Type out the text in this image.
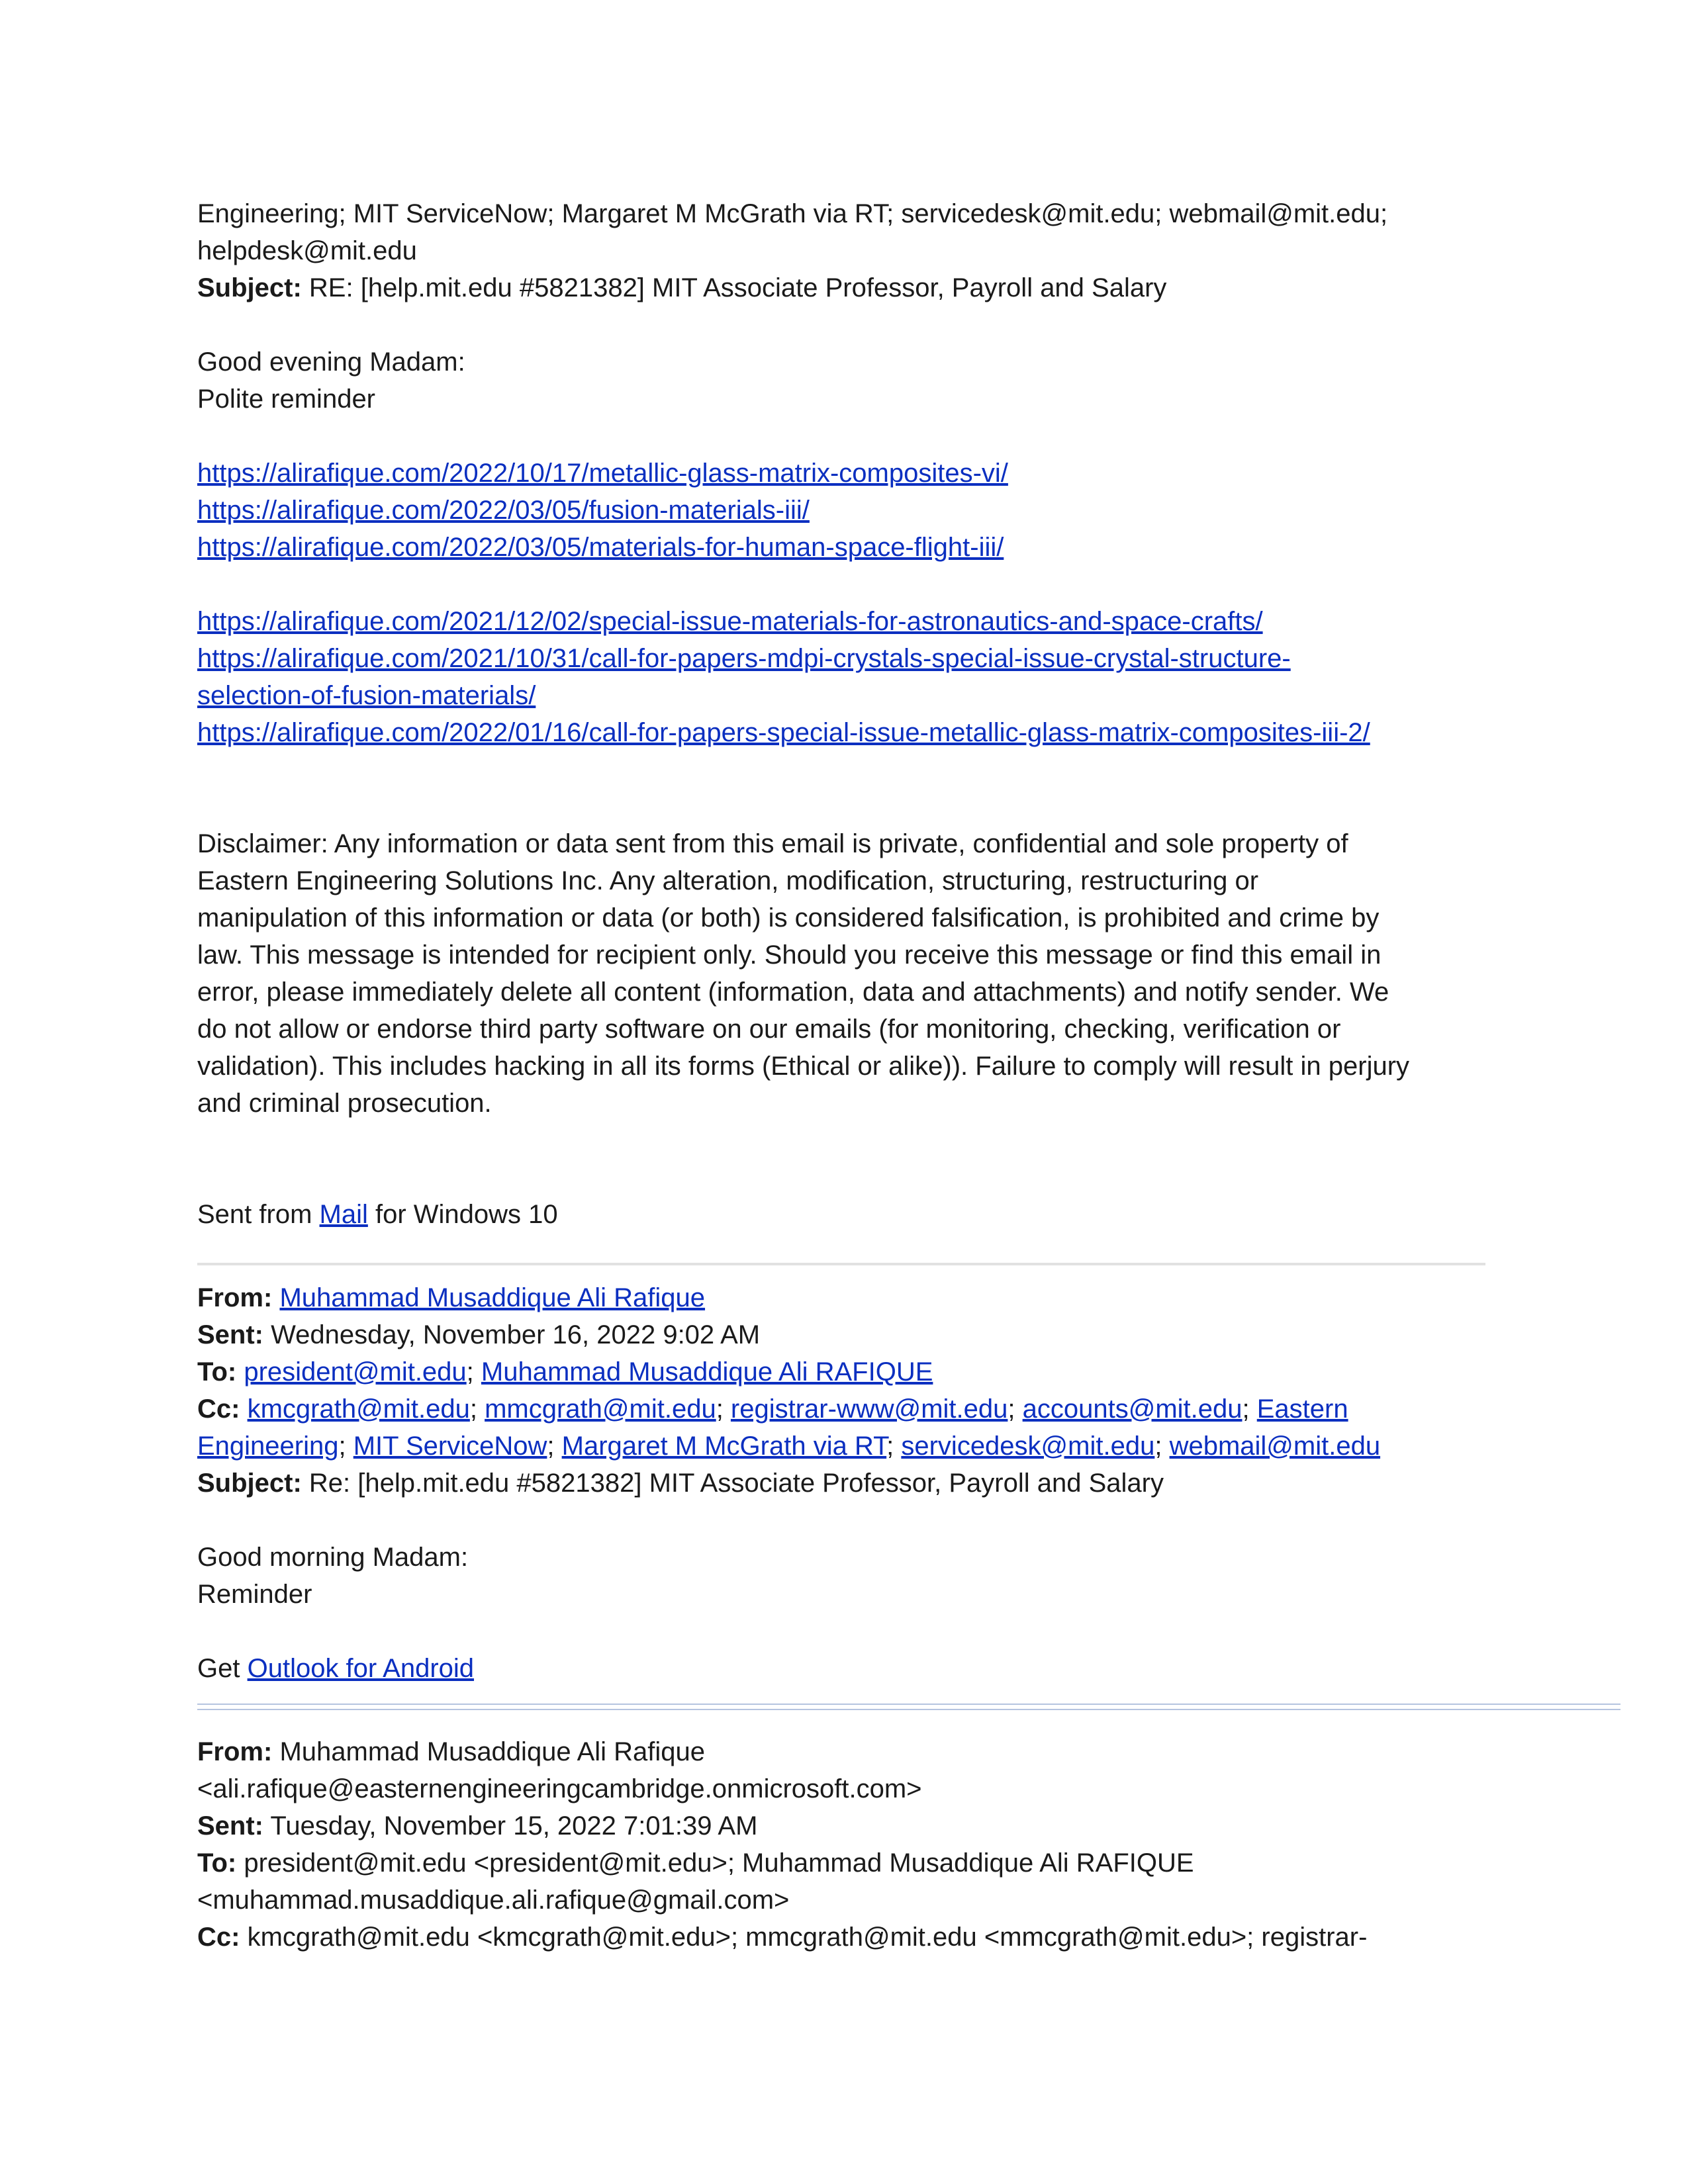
Engineering; MIT ServiceNow; Margaret M McGrath via RT; servicedesk@mit.edu; webmail@mit.edu;
helpdesk@mit.edu
Subject: RE: [help.mit.edu #5821382] MIT Associate Professor, Payroll and Salary
Good evening Madam:
Polite reminder
https://alirafique.com/2022/10/17/metallic-glass-matrix-composites-vi/
https://alirafique.com/2022/03/05/fusion-materials-iii/
https://alirafique.com/2022/03/05/materials-for-human-space-flight-iii/
https://alirafique.com/2021/12/02/special-issue-materials-for-astronautics-and-space-crafts/
https://alirafique.com/2021/10/31/call-for-papers-mdpi-crystals-special-issue-crystal-structure-
selection-of-fusion-materials/
https://alirafique.com/2022/01/16/call-for-papers-special-issue-metallic-glass-matrix-composites-iii-2/
Disclaimer: Any information or data sent from this email is private, confidential and sole property of
Eastern Engineering Solutions Inc. Any alteration, modification, structuring, restructuring or
manipulation of this information or data (or both) is considered falsification, is prohibited and crime by
law. This message is intended for recipient only. Should you receive this message or find this email in
error, please immediately delete all content (information, data and attachments) and notify sender. We
do not allow or endorse third party software on our emails (for monitoring, checking, verification or
validation). This includes hacking in all its forms (Ethical or alike)). Failure to comply will result in perjury
and criminal prosecution.
Sent from Mail for Windows 10
From: Muhammad Musaddique Ali Rafique
Sent: Wednesday, November 16, 2022 9:02 AM
To: president@mit.edu; Muhammad Musaddique Ali RAFIQUE
Cc: kmcgrath@mit.edu; mmcgrath@mit.edu; registrar-www@mit.edu; accounts@mit.edu; Eastern
Engineering; MIT ServiceNow; Margaret M McGrath via RT; servicedesk@mit.edu; webmail@mit.edu
Subject: Re: [help.mit.edu #5821382] MIT Associate Professor, Payroll and Salary
Good morning Madam:
Reminder
Get Outlook for Android
From: Muhammad Musaddique Ali Rafique
<ali.rafique@easternengineeringcambridge.onmicrosoft.com>
Sent: Tuesday, November 15, 2022 7:01:39 AM
To: president@mit.edu <president@mit.edu>; Muhammad Musaddique Ali RAFIQUE
<muhammad.musaddique.ali.rafique@gmail.com>
Cc: kmcgrath@mit.edu <kmcgrath@mit.edu>; mmcgrath@mit.edu <mmcgrath@mit.edu>; registrar-
